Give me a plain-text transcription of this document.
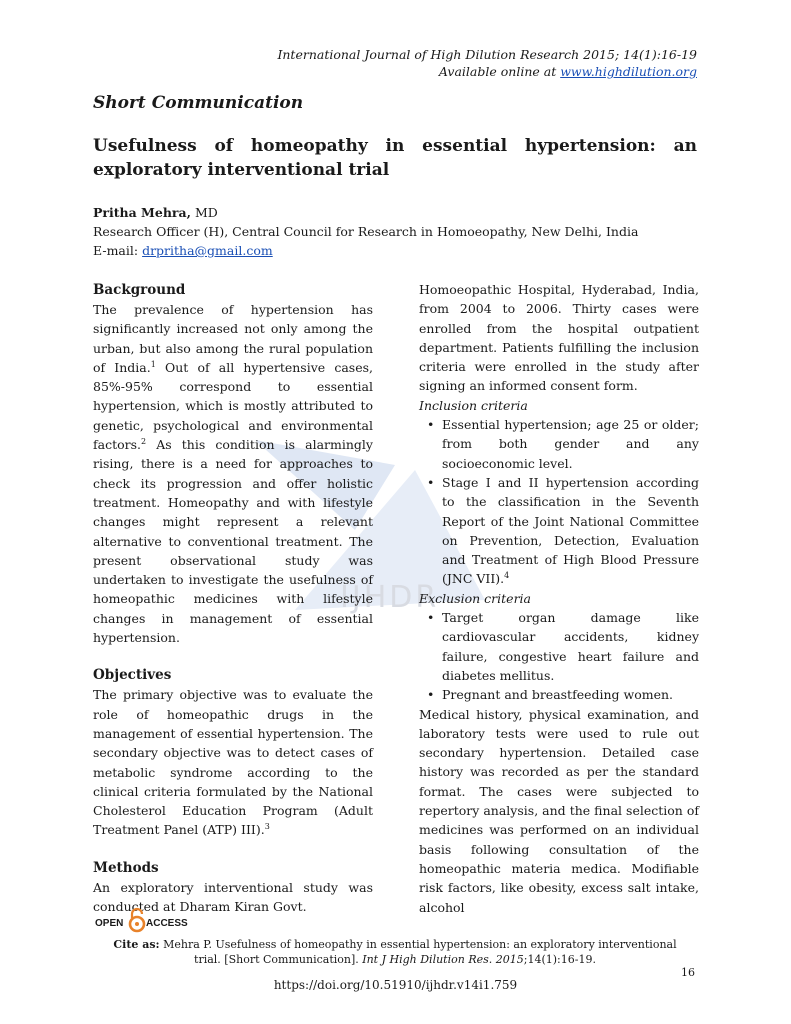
International Journal of High Dilution Research 2015; 14(1):16-19
Available online at www.highdilution.org
Short Communication
Usefulness of homeopathy in essential hypertension: an exploratory interventional trial
Pritha Mehra, MD
Research Officer (H), Central Council for Research in Homoeopathy, New Delhi, India
E-mail: drpritha@gmail.com
IJHDR
Background

The prevalence of hypertension has significantly increased not only among the urban, but also among the rural population of India.$^1$ Out of all hypertensive cases, 85%-95% correspond to essential hypertension, which is mostly attributed to genetic, psychological and environmental factors.$^2$ As this condition is alarmingly rising, there is a need for approaches to check its progression and offer holistic treatment. Homeopathy and with lifestyle changes might represent a relevant alternative to conventional treatment. The present observational study was undertaken to investigate the usefulness of homeopathic medicines with lifestyle changes in management of essential hypertension.

Objectives

The primary objective was to evaluate the role of homeopathic drugs in the management of essential hypertension. The secondary objective was to detect cases of metabolic syndrome according to the clinical criteria formulated by the National Cholesterol Education Program (Adult Treatment Panel (ATP) III).$^3$

Methods

An exploratory interventional study was conducted at Dharam Kiran Govt.

Homoeopathic Hospital, Hyderabad, India, from 2004 to 2006. Thirty cases were enrolled from the hospital outpatient department. Patients fulfilling the inclusion criteria were enrolled in the study after signing an informed consent form.

Inclusion criteria
• Essential hypertension; age 25 or older; from both gender and any socioeconomic level.
• Stage I and II hypertension according to the classification in the Seventh Report of the Joint National Committee on Prevention, Detection, Evaluation and Treatment of High Blood Pressure (JNC VII).$^4$
Exclusion criteria
• Target organ damage like cardiovascular accidents, kidney failure, congestive heart failure and diabetes mellitus.
• Pregnant and breastfeeding women.

Medical history, physical examination, and laboratory tests were used to rule out secondary hypertension. Detailed case history was recorded as per the standard format. The cases were subjected to repertory analysis, and the final selection of medicines was performed on an individual basis following consultation of the homeopathic materia medica. Modifiable risk factors, like obesity, excess salt intake, alcohol

OPEN ACCESS
Cite as: Mehra P. Usefulness of homeopathy in essential hypertension: an exploratory interventional trial. [Short Communication]. Int J High Dilution Res. 2015;14(1):16-19.
16
https://doi.org/10.51910/ijhdr.v14i1.759
